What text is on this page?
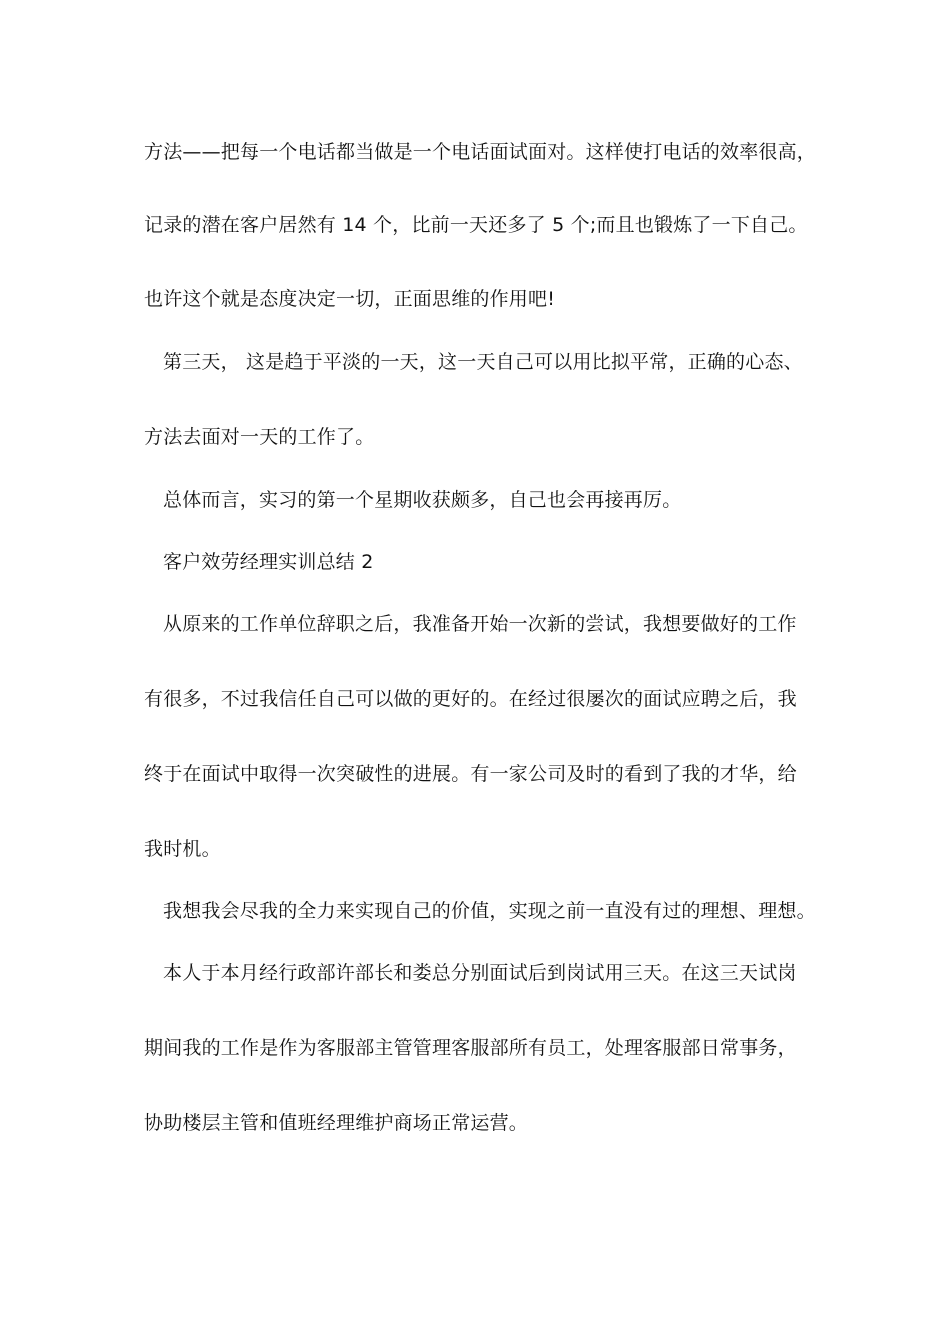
方法——把每一个电话都当做是一个电话面试面对。这样使打电话的效率很高，
记录的潜在客户居然有 14 个，比前一天还多了 5 个;而且也锻炼了一下自己。
也许这个就是态度决定一切，正面思维的作用吧!
第三天， 这是趋于平淡的一天，这一天自己可以用比拟平常，正确的心态、
方法去面对一天的工作了。
总体而言，实习的第一个星期收获颇多，自己也会再接再厉。
客户效劳经理实训总结 2
从原来的工作单位辞职之后，我准备开始一次新的尝试，我想要做好的工作
有很多，不过我信任自己可以做的更好的。在经过很屡次的面试应聘之后，我
终于在面试中取得一次突破性的进展。有一家公司及时的看到了我的才华，给
我时机。
我想我会尽我的全力来实现自己的价值，实现之前一直没有过的理想、理想。
本人于本月经行政部许部长和娄总分别面试后到岗试用三天。在这三天试岗
期间我的工作是作为客服部主管管理客服部所有员工，处理客服部日常事务，
协助楼层主管和值班经理维护商场正常运营。
